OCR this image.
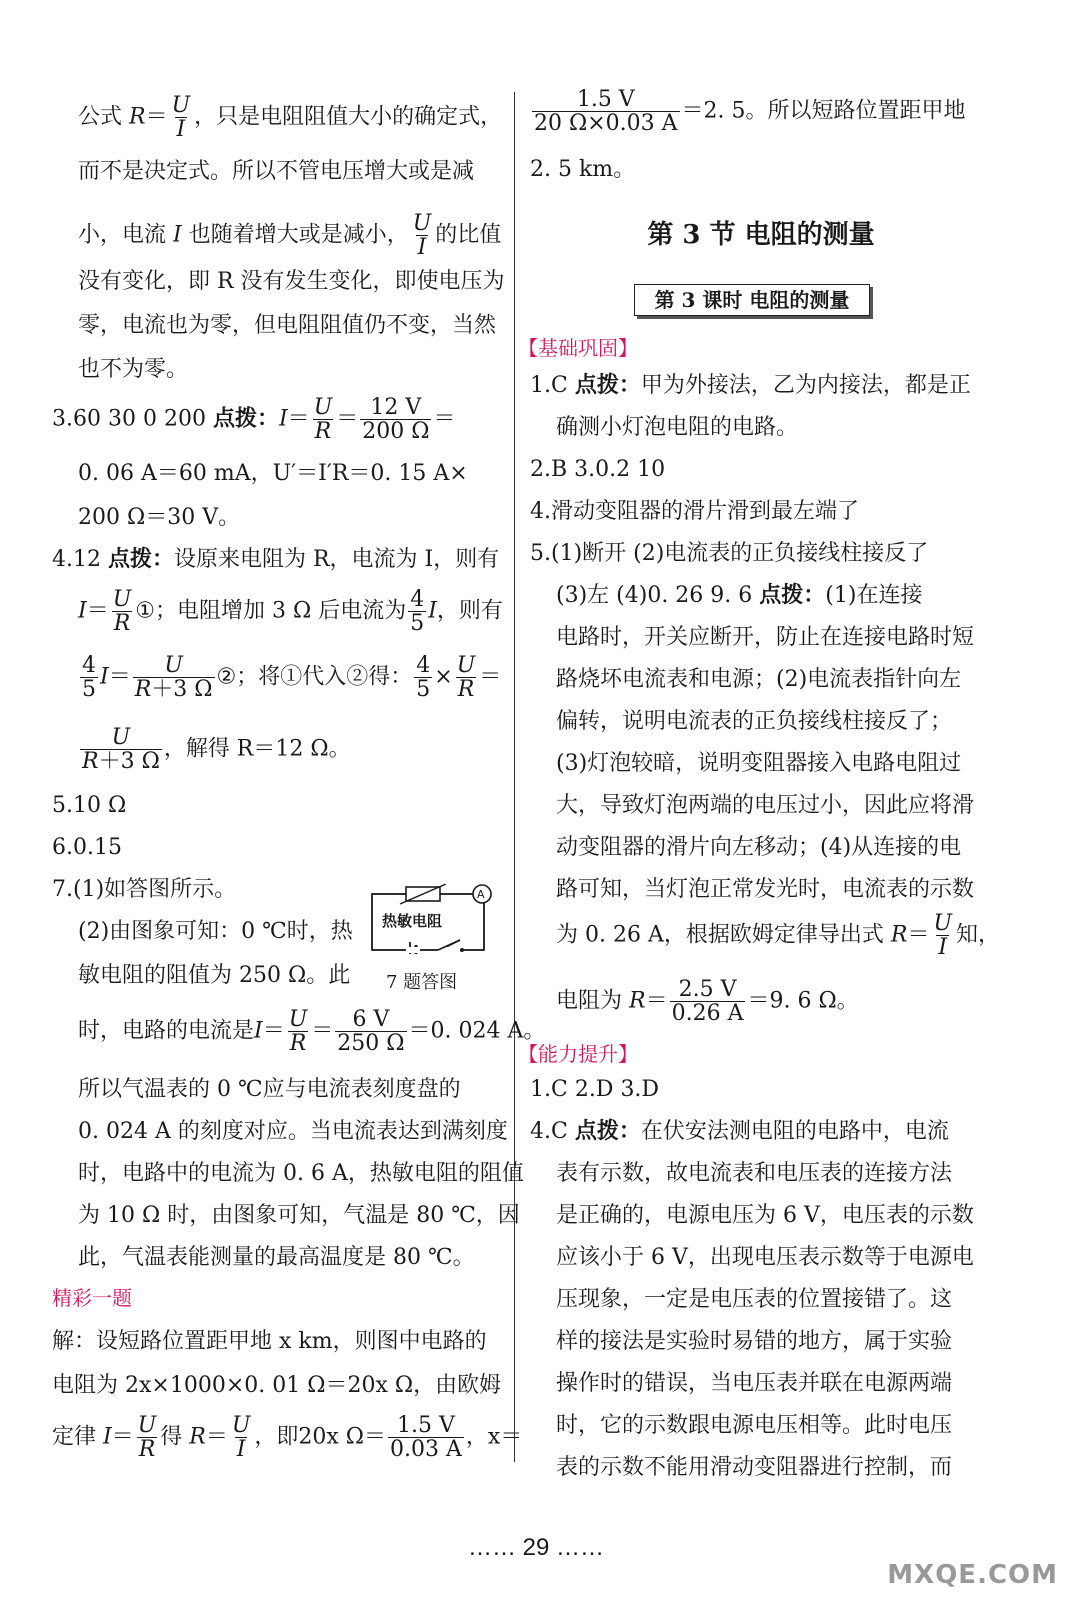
公式 $R= \frac{U}{I}$ ，只是电阻阻值大小的确定式，
而不是决定式。所以不管电压增大或是减
小，电流 I 也随着增大或是减小， $\frac{U}{I}$ 的比值
没有变化，即 R 没有发生变化，即使电压为
零，电流也为零，但电阻阻值仍不变，当然
也不为零。
3.60 30 0 200 点拨：$I= \frac{U}{R} = \frac{12 V}{200 \Omega}$ ＝
0. 06 A＝60 mA，U′＝I′R＝0. 15 A×
200 Ω＝30 V。
4.12 点拨：设原来电阻为 R，电流为 I，则有
$I= \frac{U}{R}$ ①；电阻增加 3 Ω 后电流为 $\frac{4}{5}$ I，则有
$\frac{4}{5} I= \frac{U}{R+3 \Omega}$ ②；将①代入②得： $\frac{4}{5} \times \frac{U}{R}$ ＝
$\frac{U}{R+3 \Omega}$ ，解得 R＝12 Ω。
5.10 Ω
6.0.15
7.(1)如答图所示。
(2)由图象可知：0 ℃时，热
敏电阻的阻值为 250 Ω。此
A
热敏电阻
7 题答图
时，电路的电流是$I= \frac{U}{R} = \frac{6 V}{250 \Omega} =0$. 024 A。
所以气温表的 0 ℃应与电流表刻度盘的
0. 024 A 的刻度对应。当电流表达到满刻度
时，电路中的电流为 0. 6 A，热敏电阻的阻值
为 10 Ω 时，由图象可知，气温是 80 ℃，因
此，气温表能测量的最高温度是 80 ℃。
精彩一题
解：设短路位置距甲地 x km，则图中电路的
电阻为 2x×1000×0. 01 Ω＝20x Ω，由欧姆
定律 $I= \frac{U}{R}$ 得 $R= \frac{U}{I}$ ，即20x $\Omega= \frac{1.5 V}{0.03 A}$ ，x＝
$\frac{1.5 V}{20 \Omega\times 0.03 A} =2$. 5。所以短路位置距甲地
2. 5 km。
第 3 节 电阻的测量
第 3 课时 电阻的测量
【基础巩固】
1.C 点拨：甲为外接法，乙为内接法，都是正
确测小灯泡电阻的电路。
2.B 3.0.2 10
4.滑动变阻器的滑片滑到最左端了
5.(1)断开 (2)电流表的正负接线柱接反了
(3)左 (4)0. 26 9. 6 点拨：(1)在连接
电路时，开关应断开，防止在连接电路时短
路烧坏电流表和电源；(2)电流表指针向左
偏转，说明电流表的正负接线柱接反了；
(3)灯泡较暗，说明变阻器接入电路电阻过
大，导致灯泡两端的电压过小，因此应将滑
动变阻器的滑片向左移动；(4)从连接的电
路可知，当灯泡正常发光时，电流表的示数
为 0. 26 A，根据欧姆定律导出式 $R= \frac{U}{I}$ 知，
电阻为 $R= \frac{2.5 V}{0.26 A} =9$. 6 Ω。
【能力提升】
1.C 2.D 3.D
4.C 点拨：在伏安法测电阻的电路中，电流
表有示数，故电流表和电压表的连接方法
是正确的，电源电压为 6 V，电压表的示数
应该小于 6 V，出现电压表示数等于电源电
压现象，一定是电压表的位置接错了。这
样的接法是实验时易错的地方，属于实验
操作时的错误，当电压表并联在电源两端
时，它的示数跟电源电压相等。此时电压
表的示数不能用滑动变阻器进行控制，而
…… 29 ……
MXQE.COM
